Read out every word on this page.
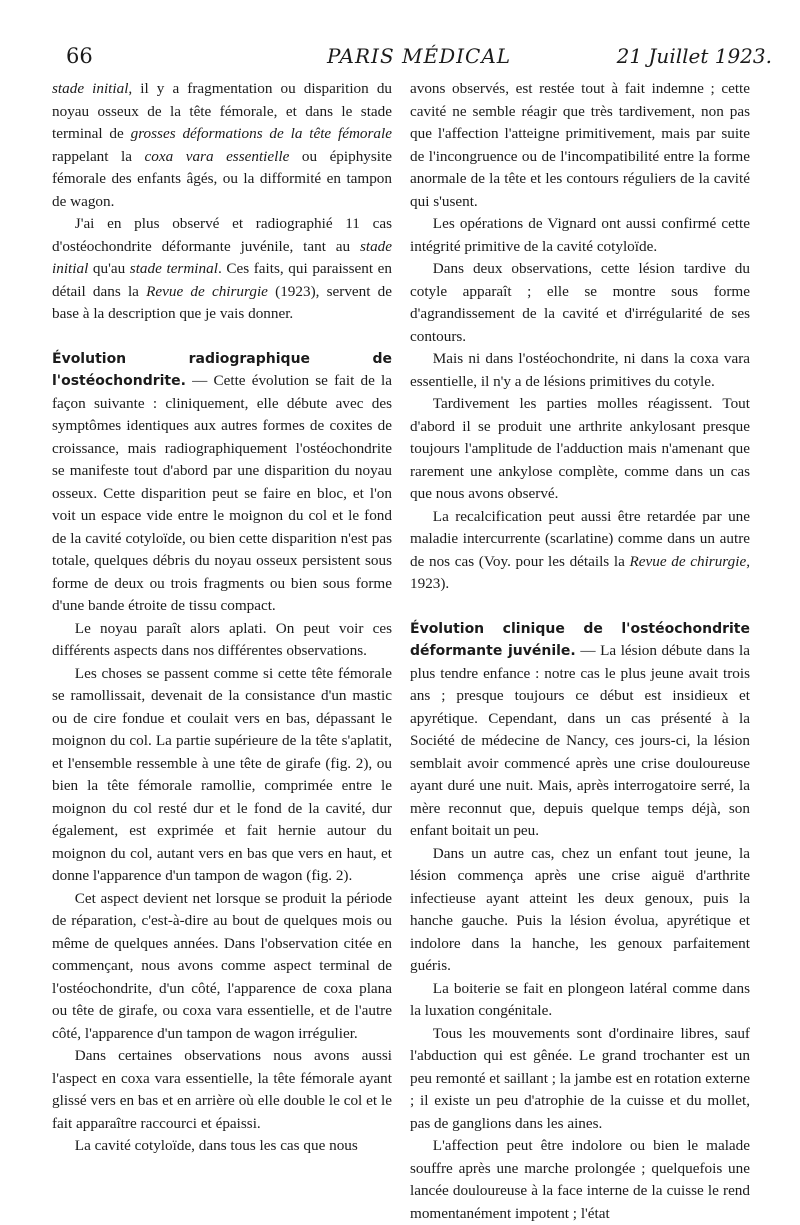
66	PARIS MÉDICAL	21 Juillet 1923.

stade initial, il y a fragmentation ou disparition du noyau osseux de la tête fémorale, et dans le stade terminal de grosses déformations de la tête fémorale rappelant la coxa vara essentielle ou épiphysite fémorale des enfants âgés, ou la difformité en tampon de wagon.

J'ai en plus observé et radiographié 11 cas d'ostéochondrite déformante juvénile, tant au stade initial qu'au stade terminal. Ces faits, qui paraissent en détail dans la Revue de chirurgie (1923), servent de base à la description que je vais donner.

Évolution radiographique de l'ostéochondrite. — Cette évolution se fait de la façon suivante : cliniquement, elle débute avec des symptômes identiques aux autres formes de coxites de croissance, mais radiographiquement l'ostéochondrite se manifeste tout d'abord par une disparition du noyau osseux. Cette disparition peut se faire en bloc, et l'on voit un espace vide entre le moignon du col et le fond de la cavité cotyloïde, ou bien cette disparition n'est pas totale, quelques débris du noyau osseux persistent sous forme de deux ou trois fragments ou bien sous forme d'une bande étroite de tissu compact.

Le noyau paraît alors aplati. On peut voir ces différents aspects dans nos différentes observations.

Les choses se passent comme si cette tête fémorale se ramollissait, devenait de la consistance d'un mastic ou de cire fondue et coulait vers en bas, dépassant le moignon du col. La partie supérieure de la tête s'aplatit, et l'ensemble ressemble à une tête de girafe (fig. 2), ou bien la tête fémorale ramollie, comprimée entre le moignon du col resté dur et le fond de la cavité, dur également, est exprimée et fait hernie autour du moignon du col, autant vers en bas que vers en haut, et donne l'apparence d'un tampon de wagon (fig. 2).

Cet aspect devient net lorsque se produit la période de réparation, c'est-à-dire au bout de quelques mois ou même de quelques années. Dans l'observation citée en commençant, nous avons comme aspect terminal de l'ostéochondrite, d'un côté, l'apparence de coxa plana ou tête de girafe, ou coxa vara essentielle, et de l'autre côté, l'apparence d'un tampon de wagon irrégulier.

Dans certaines observations nous avons aussi l'aspect en coxa vara essentielle, la tête fémorale ayant glissé vers en bas et en arrière où elle double le col et le fait apparaître raccourci et épaissi.

La cavité cotyloïde, dans tous les cas que nous

avons observés, est restée tout à fait indemne ; cette cavité ne semble réagir que très tardivement, non pas que l'affection l'atteigne primitivement, mais par suite de l'incongruence ou de l'incompatibilité entre la forme anormale de la tête et les contours réguliers de la cavité qui s'usent.

Les opérations de Vignard ont aussi confirmé cette intégrité primitive de la cavité cotyloïde.

Dans deux observations, cette lésion tardive du cotyle apparaît ; elle se montre sous forme d'agrandissement de la cavité et d'irrégularité de ses contours.

Mais ni dans l'ostéochondrite, ni dans la coxa vara essentielle, il n'y a de lésions primitives du cotyle.

Tardivement les parties molles réagissent. Tout d'abord il se produit une arthrite ankylosant presque toujours l'amplitude de l'adduction mais n'amenant que rarement une ankylose complète, comme dans un cas que nous avons observé.

La recalcification peut aussi être retardée par une maladie intercurrente (scarlatine) comme dans un autre de nos cas (Voy. pour les détails la Revue de chirurgie, 1923).

Évolution clinique de l'ostéochondrite déformante juvénile. — La lésion débute dans la plus tendre enfance : notre cas le plus jeune avait trois ans ; presque toujours ce début est insidieux et apyrétique. Cependant, dans un cas présenté à la Société de médecine de Nancy, ces jours-ci, la lésion semblait avoir commencé après une crise douloureuse ayant duré une nuit. Mais, après interrogatoire serré, la mère reconnut que, depuis quelque temps déjà, son enfant boitait un peu.

Dans un autre cas, chez un enfant tout jeune, la lésion commença après une crise aiguë d'arthrite infectieuse ayant atteint les deux genoux, puis la hanche gauche. Puis la lésion évolua, apyrétique et indolore dans la hanche, les genoux parfaitement guéris.

La boiterie se fait en plongeon latéral comme dans la luxation congénitale.

Tous les mouvements sont d'ordinaire libres, sauf l'abduction qui est gênée. Le grand trochanter est un peu remonté et saillant ; la jambe est en rotation externe ; il existe un peu d'atrophie de la cuisse et du mollet, pas de ganglions dans les aines.

L'affection peut être indolore ou bien le malade souffre après une marche prolongée ; quelquefois une lancée douloureuse à la face interne de la cuisse le rend momentanément impotent ; l'état
